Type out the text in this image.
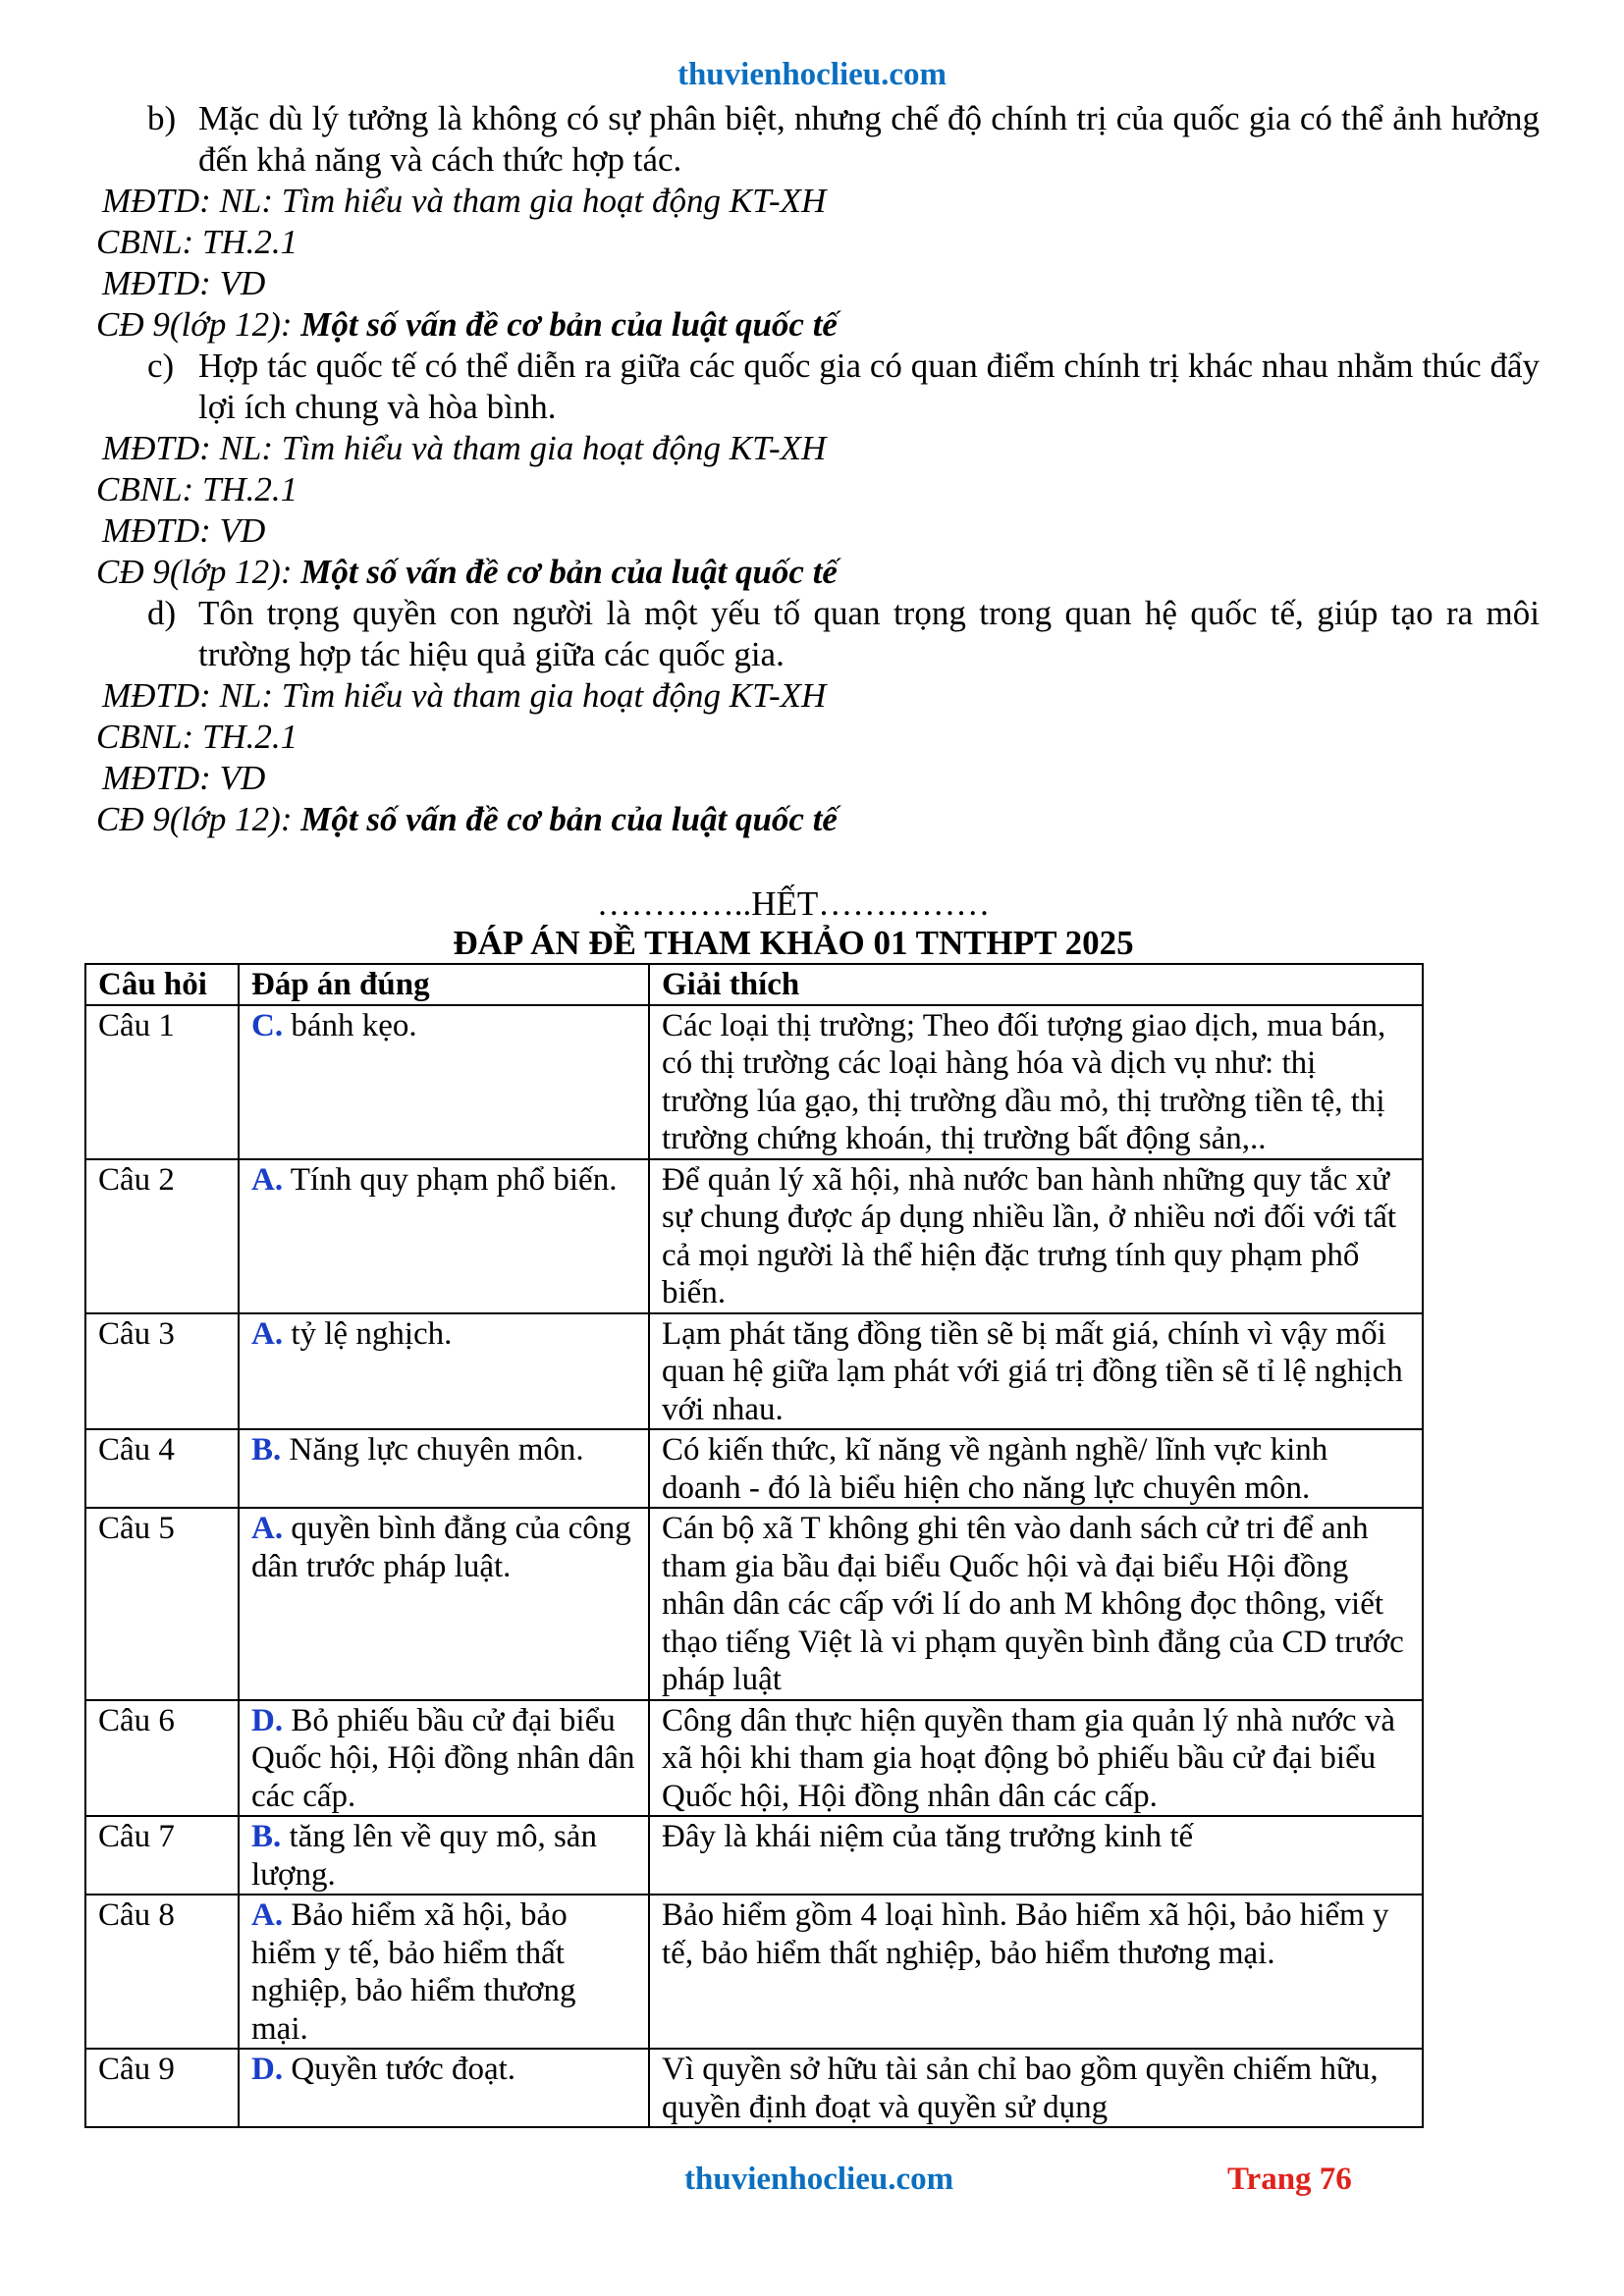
thuvienhoclieu.com
b) Mặc dù lý tưởng là không có sự phân biệt, nhưng chế độ chính trị của quốc gia có thể ảnh hưởng đến khả năng và cách thức hợp tác.
MĐTD: NL: Tìm hiểu và tham gia hoạt động KT-XH
CBNL: TH.2.1
MĐTD: VD
CĐ 9(lớp 12): Một số vấn đề cơ bản của luật quốc tế
c) Hợp tác quốc tế có thể diễn ra giữa các quốc gia có quan điểm chính trị khác nhau nhằm thúc đẩy lợi ích chung và hòa bình.
MĐTD: NL: Tìm hiểu và tham gia hoạt động KT-XH
CBNL: TH.2.1
MĐTD: VD
CĐ 9(lớp 12): Một số vấn đề cơ bản của luật quốc tế
d) Tôn trọng quyền con người là một yếu tố quan trọng trong quan hệ quốc tế, giúp tạo ra môi trường hợp tác hiệu quả giữa các quốc gia.
MĐTD: NL: Tìm hiểu và tham gia hoạt động KT-XH
CBNL: TH.2.1
MĐTD: VD
CĐ 9(lớp 12): Một số vấn đề cơ bản của luật quốc tế
…………..HẾT……………
ĐÁP ÁN ĐỀ THAM KHẢO 01 TNTHPT 2025
Câu hỏi	Đáp án đúng	Giải thích
Câu 1	C. bánh kẹo.	Các loại thị trường; Theo đối tượng giao dịch, mua bán, có thị trường các loại hàng hóa và dịch vụ như: thị trường lúa gạo, thị trường dầu mỏ, thị trường tiền tệ, thị trường chứng khoán, thị trường bất động sản,..
Câu 2	A. Tính quy phạm phổ biến.	Để quản lý xã hội, nhà nước ban hành những quy tắc xử sự chung được áp dụng nhiều lần, ở nhiều nơi đối với tất cả mọi người là thể hiện đặc trưng tính quy phạm phổ biến.
Câu 3	A. tỷ lệ nghịch.	Lạm phát tăng đồng tiền sẽ bị mất giá, chính vì vậy mối quan hệ giữa lạm phát với giá trị đồng tiền sẽ tỉ lệ nghịch với nhau.
Câu 4	B. Năng lực chuyên môn.	Có kiến thức, kĩ năng về ngành nghề/ lĩnh vực kinh doanh - đó là biểu hiện cho năng lực chuyên môn.
Câu 5	A. quyền bình đẳng của công dân trước pháp luật.	Cán bộ xã T không ghi tên vào danh sách cử tri để anh tham gia bầu đại biểu Quốc hội và đại biểu Hội đồng nhân dân các cấp với lí do anh M không đọc thông, viết thạo tiếng Việt là vi phạm quyền bình đẳng của CD trước pháp luật
Câu 6	D. Bỏ phiếu bầu cử đại biểu Quốc hội, Hội đồng nhân dân các cấp.	Công dân thực hiện quyền tham gia quản lý nhà nước và xã hội khi tham gia hoạt động bỏ phiếu bầu cử đại biểu Quốc hội, Hội đồng nhân dân các cấp.
Câu 7	B. tăng lên về quy mô, sản lượng.	Đây là khái niệm của tăng trưởng kinh tế
Câu 8	A. Bảo hiểm xã hội, bảo hiểm y tế, bảo hiểm thất nghiệp, bảo hiểm thương mại.	Bảo hiểm gồm 4 loại hình. Bảo hiểm xã hội, bảo hiểm y tế, bảo hiểm thất nghiệp, bảo hiểm thương mại.
Câu 9	D. Quyền tước đoạt.	Vì quyền sở hữu tài sản chỉ bao gồm quyền chiếm hữu, quyền định đoạt và quyền sử dụng
thuvienhoclieu.com	Trang 76
